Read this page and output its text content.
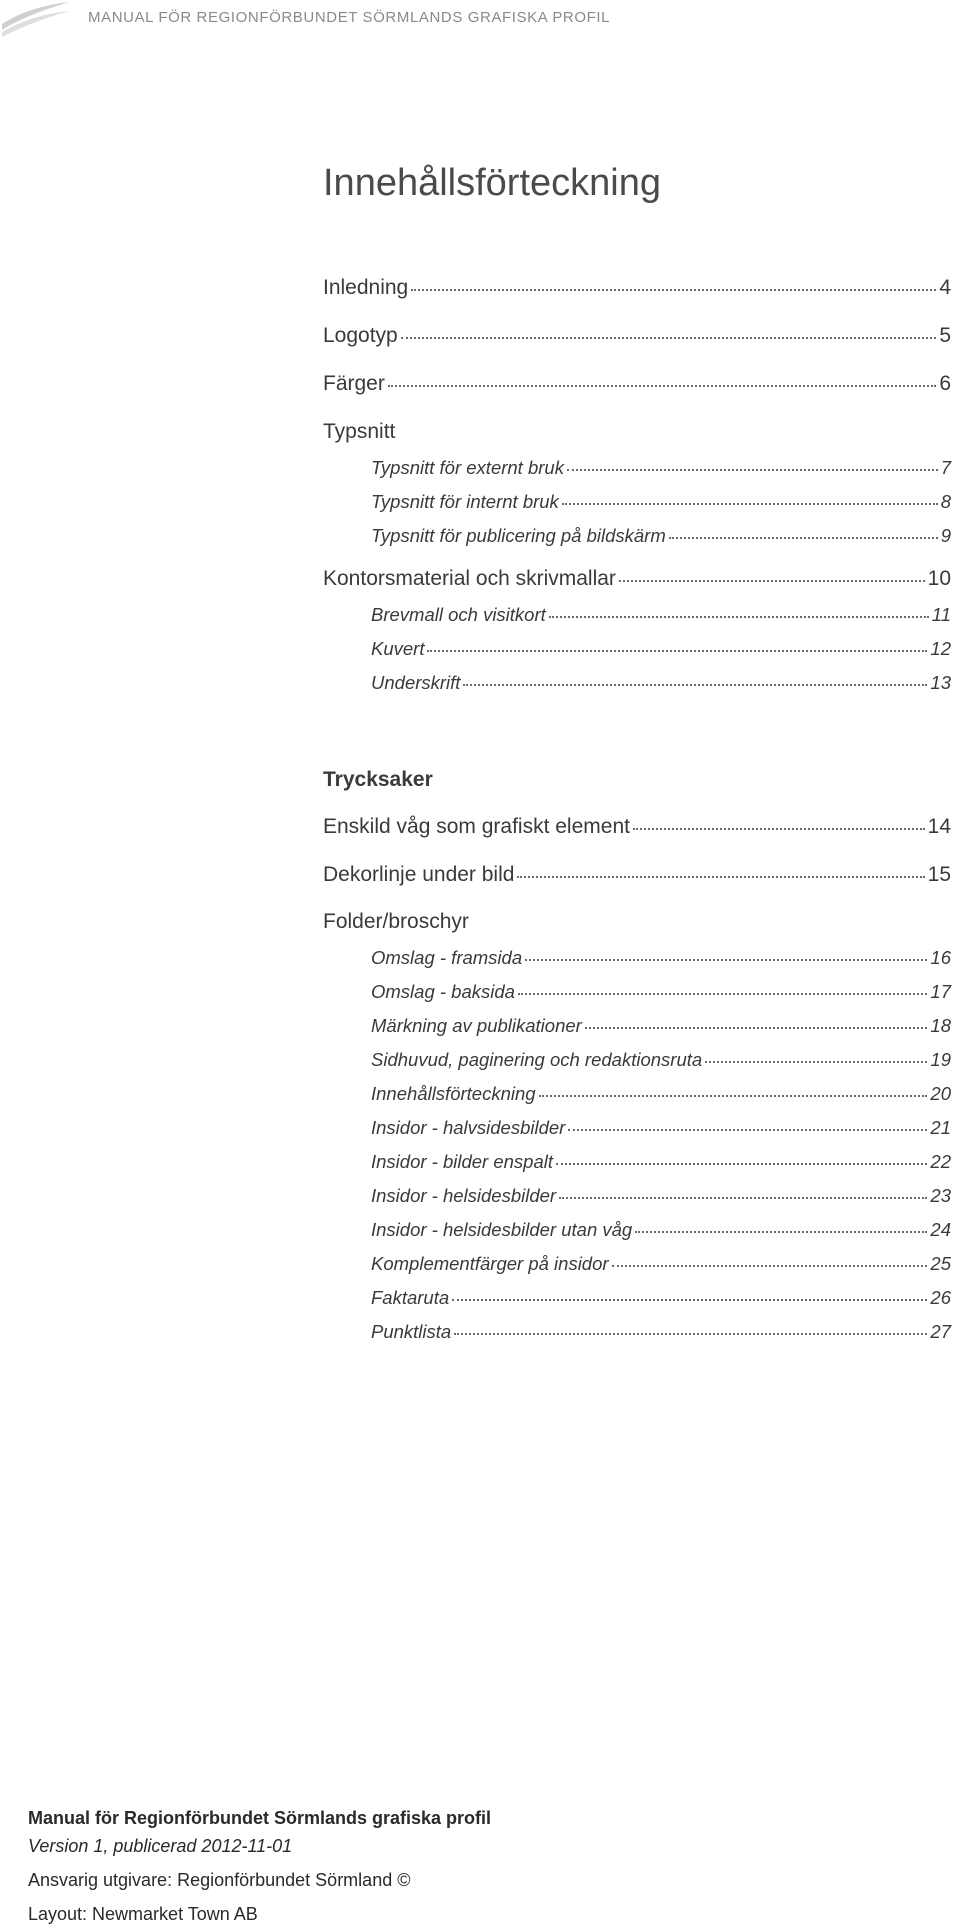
MANUAL FÖR REGIONFÖRBUNDET SÖRMLANDS GRAFISKA PROFIL
Innehållsförteckning
Inledning	4
Logotyp	5
Färger	6
Typsnitt
Typsnitt för externt bruk	7
Typsnitt för internt bruk	8
Typsnitt för publicering på bildskärm	9
Kontorsmaterial och skrivmallar	10
Brevmall och visitkort	11
Kuvert	12
Underskrift	13
Trycksaker
Enskild våg som grafiskt element	14
Dekorlinje under bild	15
Folder/broschyr
Omslag - framsida	16
Omslag - baksida	17
Märkning av publikationer	18
Sidhuvud, paginering och redaktionsruta	19
Innehållsförteckning	20
Insidor - halvsidesbilder	21
Insidor - bilder enspalt	22
Insidor - helsidesbilder	23
Insidor - helsidesbilder utan våg	24
Komplementfärger på insidor	25
Faktaruta	26
Punktlista	27
Manual för Regionförbundet Sörmlands grafiska profil
Version 1, publicerad 2012-11-01
Ansvarig utgivare: Regionförbundet Sörmland ©
Layout: Newmarket Town AB
